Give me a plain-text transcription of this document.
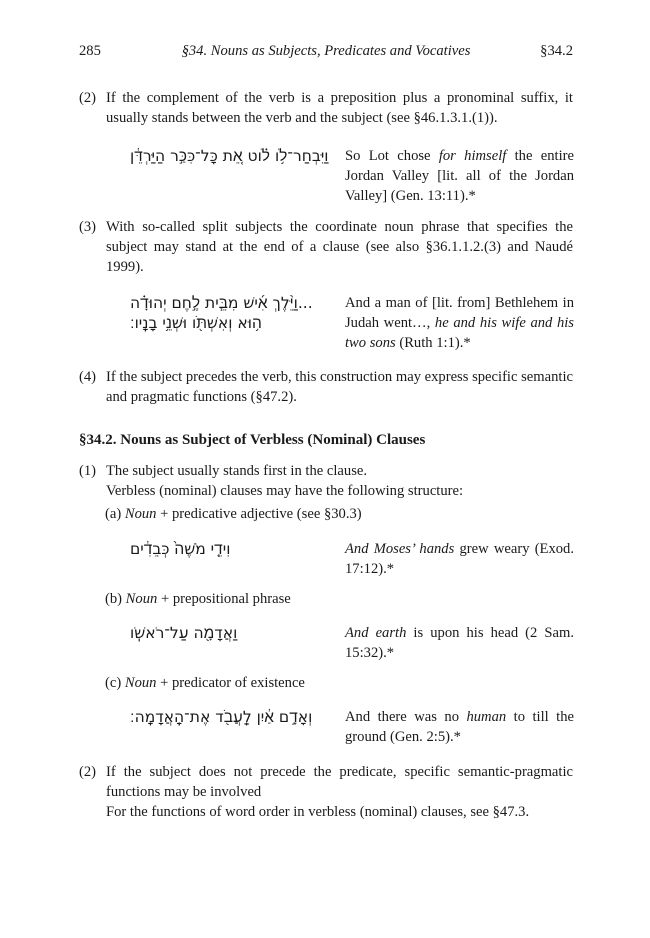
285	§34. Nouns as Subjects, Predicates and Vocatives	§34.2
(2) If the complement of the verb is a preposition plus a pronominal suffix, it usually stands between the verb and the subject (see §46.1.3.1.(1)).
וַיִּבְחַר־לֹ֥ו לֹ֗וט אֵ֚ת כָּל־כִּכַּ֣ר הַיַּרְדֵּ֔ן	So Lot chose for himself the entire Jordan Valley [lit. all of the Jordan Valley] (Gen. 13:11).*
(3) With so-called split subjects the coordinate noun phrase that specifies the subject may stand at the end of a clause (see also §36.1.1.2.(3) and Naudé 1999).
...וַיֵּ֨לֶךְ אִ֜ישׁ מִבֵּ֧ית לֶ֣חֶם יְהוּדָ֗ה
ה֥וּא וְאִשְׁתֹּ֖ו וּשְׁנֵ֥י בָנָֽיו׃
And a man of [lit. from] Bethlehem in Judah went…, he and his wife and his two sons (Ruth 1:1).*
(4) If the subject precedes the verb, this construction may express specific semantic and pragmatic functions (§47.2).
§34.2. Nouns as Subject of Verbless (Nominal) Clauses
(1) The subject usually stands first in the clause.
Verbless (nominal) clauses may have the following structure:
(a) Noun + predicative adjective (see §30.3)
וִידֵ֤י מֹשֶׁה֙ כְּבֵדִ֔ים	And Moses’ hands grew weary (Exod. 17:12).*
(b) Noun + prepositional phrase
וַאֲדָמָ֖ה עַל־רֹאשֹֽׁו	And earth is upon his head (2 Sam. 15:32).*
(c) Noun + predicator of existence
וְאָדָ֣ם אַ֔יִן לַֽעֲבֹ֖ד אֶת־הָֽאֲדָמָֽה׃	And there was no human to till the ground (Gen. 2:5).*
(2) If the subject does not precede the predicate, specific semantic-pragmatic functions may be involved
For the functions of word order in verbless (nominal) clauses, see §47.3.
